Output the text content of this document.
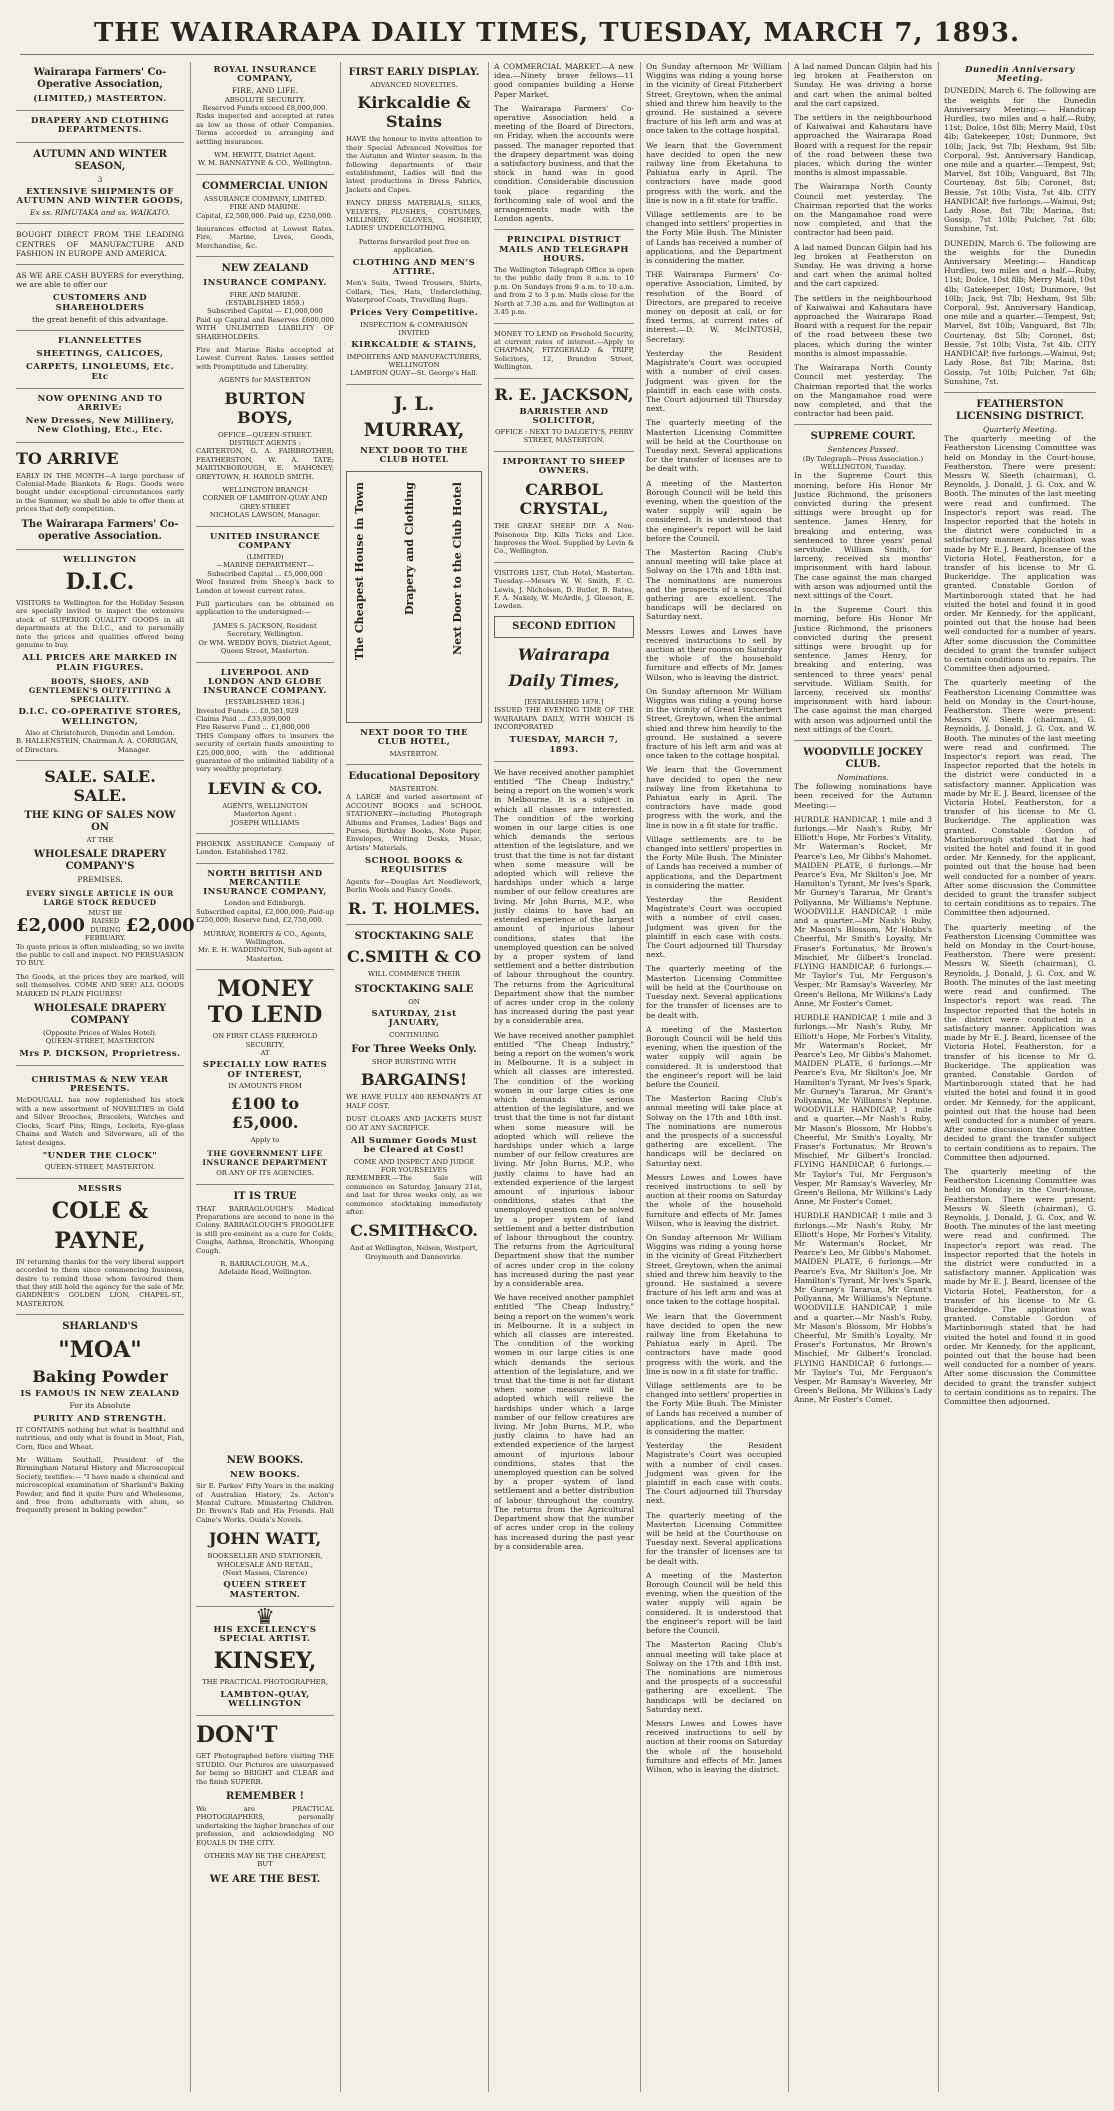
THE WAIRARAPA DAILY TIMES, TUESDAY, MARCH 7, 1893.
Wairarapa Farmers' Co-Operative Association,
(LIMITED,) MASTERTON.
DRAPERY AND CLOTHING DEPARTMENTS.
AUTUMN AND WINTER SEASON,
3
EXTENSIVE SHIPMENTS OF AUTUMN AND WINTER GOODS,
Ex ss. RIMUTAKA and ss. WAIKATO.

BOUGHT DIRECT FROM THE LEADING CENTRES OF MANUFACTURE AND FASHION IN EUROPE AND AMERICA.

AS WE ARE CASH BUYERS for everything, we are able to offer our

CUSTOMERS AND SHAREHOLDERS
the great benefit of this advantage.
FLANNELETTES
SHEETINGS, CALICOES,
CARPETS, LINOLEUMS, Etc. Etc
NOW OPENING AND TO ARRIVE:
New Dresses, New Millinery, New Clothing, Etc., Etc.
TO ARRIVE

EARLY IN THE MONTH—A large purchase of Colonial-Made Blankets & Rugs. Goods were bought under exceptional circumstances early in the Summer, we shall be able to offer them at prices that defy competition.

The Wairarapa Farmers' Co-operative Association.
WELLINGTON
D.I.C.

VISITORS to Wellington for the Holiday Season are specially invited to inspect the extensive stock of SUPERIOR QUALITY GOODS in all departments at the D.I.C., and to personally note the prices and qualities offered being genuine to buy.

ALL PRICES ARE MARKED IN PLAIN FIGURES.
BOOTS, SHOES, AND GENTLEMEN'S OUTFITTING A SPECIALITY.
D.I.C. CO-OPERATIVE STORES, WELLINGTON,
Also at Christchurch, Dunedin and London.
B. HALLENSTEIN, Chairman of Directors.
A. A. CORRIGAN, Manager.
SALE. SALE. SALE.
THE KING OF SALES NOW ON
AT THE
WHOLESALE DRAPERY COMPANY'S
PREMISES.
EVERY SINGLE ARTICLE IN OUR LARGE STOCK REDUCED
£2,000
MUST BE RAISED DURING FEBRUARY.
£2,000

To quote prices is often misleading, so we invite the public to call and inspect. NO PERSUASION TO BUY.

The Goods, at the prices they are marked, will sell themselves. COME AND SEE! ALL GOODS MARKED IN PLAIN FIGURES!

WHOLESALE DRAPERY COMPANY
(Opposite Prices of Wales Hotel).
QUEEN-STREET, MASTERTON
Mrs P. DICKSON, Proprietress.
CHRISTMAS & NEW YEAR PRESENTS.

McDOUGALL has now replenished his stock with a new assortment of NOVELTIES in Gold and Silver Brooches, Bracelets, Watches and Clocks, Scarf Pins, Rings, Lockets, Eye-glass Chains and Watch and Silverware, all of the latest designs.

"UNDER THE CLOCK"
QUEEN-STREET, MASTERTON.
MESSRS
COLE &
PAYNE,

IN returning thanks for the very liberal support accorded to them since commencing business, desire to remind those whom favoured them that they still hold the agency for the sale of Mr. GARDNER'S GOLDEN LION, CHAPEL-ST., MASTERTON.

SHARLAND'S
"MOA"
Baking Powder
IS FAMOUS IN NEW ZEALAND
For its Absolute
PURITY AND STRENGTH.

IT CONTAINS nothing but what is healthful and nutritious, and only what is found in Meat, Fish, Corn, Rice and Wheat.

Mr William Southall, President of the Birmingham Natural History and Microscopical Society, testifies:— "I have made a chemical and microscopical examination of Sharland's Baking Powder, and find it quite Pure and Wholesome, and free from adulterants with alum, so frequently present in baking powder."

ROYAL INSURANCE COMPANY,
FIRE, AND LIFE.
ABSOLUTE SECURITY.
Reserved Funds exceed £8,000,000.

Risks inspected and accepted at rates as low as those of other Companies. Terms accorded in arranging and settling insurances.

WM. HEWITT, District Agent.
W. M. BANNATYNE & CO., Wellington.
COMMERCIAL UNION
ASSURANCE COMPANY, LIMITED. FIRE AND MARINE.

Capital, £2,500,000. Paid up, £250,000.

Insurances effected at Lowest Rates. Fire, Marine, Lives, Goods, Merchandise, &c.

NEW ZEALAND
INSURANCE COMPANY.
FIRE AND MARINE.
(ESTABLISHED 1859.)
Subscribed Capital — £1,000,000

Paid up Capital and Reserves £600,000 WITH UNLIMITED LIABILITY OF SHAREHOLDERS.

Fire and Marine Risks accepted at Lowest Current Rates. Losses settled with Promptitude and Liberality.

AGENTS for MASTERTON
BURTON BOYS,
OFFICE—QUEEN-STREET.
DISTRICT AGENTS :

CARTERTON, G. A. FAIRBROTHER; FEATHERSTON, W. A. TATE; MARTINBOROUGH, E. MAHONEY; GREYTOWN, H. HAROLD SMITH.

WELLINGTON BRANCH
CORNER OF LAMBTON-QUAY AND GREY-STREET
NICHOLAS LAWSON, Manager.
UNITED INSURANCE COMPANY
(LIMITED)
—MARINE DEPARTMENT—
Subscribed Capital ... £5,000,000

Wool Insured from Sheep's back to London at lowest current rates.

Full particulars can be obtained on application to the undersigned:—

JAMES S. JACKSON, Resident Secretary, Wellington.
Or WM. WEDDY BOYS, District Agent, Queen Street, Masterton.
LIVERPOOL AND LONDON AND GLOBE INSURANCE COMPANY.
[ESTABLISHED 1836.]
Invested Funds ... £8,581,929
Claims Paid ... £33,939,000
Fire Reserve Fund ... £1,800,000

THIS Company offers to insurers the security of certain funds amounting to £25,000,000, with the additional guarantee of the unlimited liability of a very wealthy proprietary.

LEVIN & CO.
AGENTS, WELLINGTON
Masterton Agent :
JOSEPH WILLIAMS

PHOENIX ASSURANCE Company of London. Established 1782.

NORTH BRITISH AND MERCANTILE INSURANCE COMPANY,
London and Edinburgh.

Subscribed capital, £2,000,000; Paid-up £250,000; Reserve fund, £2,750,000.

MURRAY, ROBERTS & CO., Agents, Wellington.
Mr. E. H. WADDINGTON, Sub-agent at Masterton.
MONEY TO LEND
ON FIRST CLASS FREEHOLD SECURITY,
AT
SPECIALLY LOW RATES OF INTEREST,
IN AMOUNTS FROM
£100 to £5,000.
Apply to
THE GOVERNMENT LIFE INSURANCE DEPARTMENT
OR ANY OF ITS AGENCIES.
IT IS TRUE

THAT BARRAGLOUGH'S Medical Preparations are second to none in the Colony. BARRAGLOUGH'S FROGOLIFE is still pre-eminent as a cure for Colds, Coughs, Asthma, Bronchitis, Whooping Cough.

R. BARRACLOUGH, M.A.,
Adelaide Road, Wellington.
NEW BOOKS.
NEW BOOKS.

Sir E. Parkes' Fifty Years in the making of Australian History, 2s. Acton's Mental Culture. Ministering Children. Dr. Brown's Rab and His Friends. Hall Caine's Works. Ouida's Novels.

JOHN WATT,
BOOKSELLER AND STATIONER, WHOLESALE AND RETAIL,
(Next Masses, Clarence)
QUEEN STREET MASTERTON.
♛
HIS EXCELLENCY'S SPECIAL ARTIST.
KINSEY,
THE PRACTICAL PHOTOGRAPHER,
LAMBTON-QUAY, WELLINGTON
DON'T

GET Photographed before visiting THE STUDIO. Our Pictures are unsurpassed for being so BRIGHT and CLEAR and the finish SUPERB.

REMEMBER !

We are PRACTICAL PHOTOGRAPHERS, personally undertaking the higher branches of our profession, and acknowledging NO EQUALS IN THE CITY.

OTHERS MAY BE THE CHEAPEST, BUT
WE ARE THE BEST.
FIRST EARLY DISPLAY.
ADVANCED NOVELTIES.
Kirkcaldie & Stains

HAVE the honour to invite attention to their Special Advanced Novelties for the Autumn and Winter season. In the following departments of their establishment, Ladies will find the latest productions in Dress Fabrics, Jackets and Capes.

FANCY DRESS MATERIALS, SILKS, VELVETS, PLUSHES, COSTUMES, MILLINERY, GLOVES, HOSIERY, LADIES' UNDERCLOTHING.

Patterns forwarded post free on application.
CLOTHING AND MEN'S ATTIRE.

Men's Suits, Tweed Trousers, Shirts, Collars, Ties, Hats, Underclothing, Waterproof Coats, Travelling Rugs.

Prices Very Competitive.
INSPECTION & COMPARISON INVITED
KIRKCALDIE & STAINS,
IMPORTERS AND MANUFACTURERS, WELLINGTON
LAMBTON QUAY—St. George's Hall.
J. L. MURRAY,
NEXT DOOR TO THE CLUB HOTEL
The Cheapest House in Town	Drapery and Clothing	Next Door to the Club Hotel
NEXT DOOR TO THE CLUB HOTEL,
MASTERTON.
Educational Depository
MASTERTON.

A LARGE and varied assortment of ACCOUNT BOOKS and SCHOOL STATIONERY—including Photograph Albums and Frames, Ladies' Bags and Purses, Birthday Books, Note Paper, Envelopes, Writing Desks, Music, Artists' Materials.

SCHOOL BOOKS & REQUISITES

Agents for—Douglas Art Needlework, Berlin Wools and Fancy Goods.

R. T. HOLMES.
STOCKTAKING SALE
C.SMITH & CO
WILL COMMENCE THEIR
STOCKTAKING SALE
ON
SATURDAY, 21st JANUARY,
CONTINUING
For Three Weeks Only.
SHOP BURSTING WITH
BARGAINS!

WE HAVE FULLY 400 REMNANTS AT HALF COST.

DUST CLOAKS AND JACKETS MUST GO AT ANY SACRIFICE.

All Summer Goods Must be Cleared at Cost!
COME AND INSPECT AND JUDGE FOR YOURSELVES

REMEMBER.—The Sale will commence on Saturday, January 21st, and last for three weeks only, as we commence stocktaking immediately after.

C.SMITH&CO.
And at Wellington, Nelson, Westport, Greymouth and Dannevirke.

A COMMERCIAL MARKET.—A new idea.—Ninety brave fellows—11 good companies building a Horse Paper Market.

The Wairarapa Farmers' Co-operative Association held a meeting of the Board of Directors, on Friday, when the accounts were passed. The manager reported that the drapery department was doing a satisfactory business, and that the stock in hand was in good condition. Considerable discussion took place regarding the forthcoming sale of wool and the arrangements made with the London agents.

PRINCIPAL DISTRICT MAILS AND TELEGRAPH HOURS.

The Wellington Telegraph Office is open to the public daily from 8 a.m. to 10 p.m. On Sundays from 9 a.m. to 10 a.m. and from 2 to 3 p.m. Mails close for the North at 7.30 a.m. and for Wellington at 3.45 p.m.

MONEY TO LEND on Freehold Security, at current rates of interest.—Apply to CHAPMAN, FITZGERALD & TRIPP, Solicitors, 12, Brandon Street, Wellington.

R. E. JACKSON,
BARRISTER AND SOLICITOR,
OFFICE : NEXT TO DALGETY'S, PERRY STREET, MASTERTON.
IMPORTANT TO SHEEP OWNERS.
CARBOL CRYSTAL,

THE GREAT SHEEP DIP. A Non-Poisonous Dip. Kills Ticks and Lice. Improves the Wool. Supplied by Levin & Co., Wellington.

VISITORS LIST, Club Hotel, Masterton. Tuesday.—Messrs W. W. Smith, F. C. Lewis, J. Nicholson, D. Butler, B. Bates, F. A. Nakely, W. McArdle, J. Gleeson, E. Lowden.

SECOND EDITION
Wairarapa Daily Times,
[ESTABLISHED 1878.]

ISSUED THE EVENING TIME OF THE WAIRARAPA DAILY, WITH WHICH IS INCORPORATED

TUESDAY, MARCH 7, 1893.

We have received another pamphlet entitled "The Cheap Industry," being a report on the women's work in Melbourne. It is a subject in which all classes are interested. The condition of the working women in our large cities is one which demands the serious attention of the legislature, and we trust that the time is not far distant when some measure will be adopted which will relieve the hardships under which a large number of our fellow creatures are living. Mr John Burns, M.P., who justly claims to have had an extended experience of the largest amount of injurious labour conditions, states that the unemployed question can be solved by a proper system of land settlement and a better distribution of labour throughout the country. The returns from the Agricultural Department show that the number of acres under crop in the colony has increased during the past year by a considerable area.

We have received another pamphlet entitled "The Cheap Industry," being a report on the women's work in Melbourne. It is a subject in which all classes are interested. The condition of the working women in our large cities is one which demands the serious attention of the legislature, and we trust that the time is not far distant when some measure will be adopted which will relieve the hardships under which a large number of our fellow creatures are living. Mr John Burns, M.P., who justly claims to have had an extended experience of the largest amount of injurious labour conditions, states that the unemployed question can be solved by a proper system of land settlement and a better distribution of labour throughout the country. The returns from the Agricultural Department show that the number of acres under crop in the colony has increased during the past year by a considerable area.

We have received another pamphlet entitled "The Cheap Industry," being a report on the women's work in Melbourne. It is a subject in which all classes are interested. The condition of the working women in our large cities is one which demands the serious attention of the legislature, and we trust that the time is not far distant when some measure will be adopted which will relieve the hardships under which a large number of our fellow creatures are living. Mr John Burns, M.P., who justly claims to have had an extended experience of the largest amount of injurious labour conditions, states that the unemployed question can be solved by a proper system of land settlement and a better distribution of labour throughout the country. The returns from the Agricultural Department show that the number of acres under crop in the colony has increased during the past year by a considerable area.

On Sunday afternoon Mr William Wiggins was riding a young horse in the vicinity of Great Fitzherbert Street, Greytown, when the animal shied and threw him heavily to the ground. He sustained a severe fracture of his left arm and was at once taken to the cottage hospital.

We learn that the Government have decided to open the new railway line from Eketahuna to Pahiatua early in April. The contractors have made good progress with the work, and the line is now in a fit state for traffic.

Village settlements are to be changed into settlers' properties in the Forty Mile Bush. The Minister of Lands has received a number of applications, and the Department is considering the matter.

THE Wairarapa Farmers' Co-operative Association, Limited, by resolution of the Board of Directors, are prepared to receive money on deposit at call, or for fixed terms, at current rates of interest.—D. W. McINTOSH, Secretary.

Yesterday the Resident Magistrate's Court was occupied with a number of civil cases. Judgment was given for the plaintiff in each case with costs. The Court adjourned till Thursday next.

The quarterly meeting of the Masterton Licensing Committee will be held at the Courthouse on Tuesday next. Several applications for the transfer of licenses are to be dealt with.

A meeting of the Masterton Borough Council will be held this evening, when the question of the water supply will again be considered. It is understood that the engineer's report will be laid before the Council.

The Masterton Racing Club's annual meeting will take place at Solway on the 17th and 18th inst. The nominations are numerous and the prospects of a successful gathering are excellent. The handicaps will be declared on Saturday next.

Messrs Lowes and Lowes have received instructions to sell by auction at their rooms on Saturday the whole of the household furniture and effects of Mr. James Wilson, who is leaving the district.

On Sunday afternoon Mr William Wiggins was riding a young horse in the vicinity of Great Fitzherbert Street, Greytown, when the animal shied and threw him heavily to the ground. He sustained a severe fracture of his left arm and was at once taken to the cottage hospital.

We learn that the Government have decided to open the new railway line from Eketahuna to Pahiatua early in April. The contractors have made good progress with the work, and the line is now in a fit state for traffic.

Village settlements are to be changed into settlers' properties in the Forty Mile Bush. The Minister of Lands has received a number of applications, and the Department is considering the matter.

Yesterday the Resident Magistrate's Court was occupied with a number of civil cases. Judgment was given for the plaintiff in each case with costs. The Court adjourned till Thursday next.

The quarterly meeting of the Masterton Licensing Committee will be held at the Courthouse on Tuesday next. Several applications for the transfer of licenses are to be dealt with.

A meeting of the Masterton Borough Council will be held this evening, when the question of the water supply will again be considered. It is understood that the engineer's report will be laid before the Council.

The Masterton Racing Club's annual meeting will take place at Solway on the 17th and 18th inst. The nominations are numerous and the prospects of a successful gathering are excellent. The handicaps will be declared on Saturday next.

Messrs Lowes and Lowes have received instructions to sell by auction at their rooms on Saturday the whole of the household furniture and effects of Mr. James Wilson, who is leaving the district.

On Sunday afternoon Mr William Wiggins was riding a young horse in the vicinity of Great Fitzherbert Street, Greytown, when the animal shied and threw him heavily to the ground. He sustained a severe fracture of his left arm and was at once taken to the cottage hospital.

We learn that the Government have decided to open the new railway line from Eketahuna to Pahiatua early in April. The contractors have made good progress with the work, and the line is now in a fit state for traffic.

Village settlements are to be changed into settlers' properties in the Forty Mile Bush. The Minister of Lands has received a number of applications, and the Department is considering the matter.

Yesterday the Resident Magistrate's Court was occupied with a number of civil cases. Judgment was given for the plaintiff in each case with costs. The Court adjourned till Thursday next.

The quarterly meeting of the Masterton Licensing Committee will be held at the Courthouse on Tuesday next. Several applications for the transfer of licenses are to be dealt with.

A meeting of the Masterton Borough Council will be held this evening, when the question of the water supply will again be considered. It is understood that the engineer's report will be laid before the Council.

The Masterton Racing Club's annual meeting will take place at Solway on the 17th and 18th inst. The nominations are numerous and the prospects of a successful gathering are excellent. The handicaps will be declared on Saturday next.

Messrs Lowes and Lowes have received instructions to sell by auction at their rooms on Saturday the whole of the household furniture and effects of Mr. James Wilson, who is leaving the district.

A lad named Duncan Gilpin had his leg broken at Featherston on Sunday. He was driving a horse and cart when the animal bolted and the cart capsized.

The settlers in the neighbourhood of Kaiwaiwai and Kahautara have approached the Wairarapa Road Board with a request for the repair of the road between these two places, which during the winter months is almost impassable.

The Wairarapa North County Council met yesterday. The Chairman reported that the works on the Mangamahoe road were now completed, and that the contractor had been paid.

A lad named Duncan Gilpin had his leg broken at Featherston on Sunday. He was driving a horse and cart when the animal bolted and the cart capsized.

The settlers in the neighbourhood of Kaiwaiwai and Kahautara have approached the Wairarapa Road Board with a request for the repair of the road between these two places, which during the winter months is almost impassable.

The Wairarapa North County Council met yesterday. The Chairman reported that the works on the Mangamahoe road were now completed, and that the contractor had been paid.

SUPREME COURT.
Sentences Passed.
(By Telegraph—Press Association.)
WELLINGTON, Tuesday.

In the Supreme Court this morning, before His Honor Mr Justice Richmond, the prisoners convicted during the present sittings were brought up for sentence. James Henry, for breaking and entering, was sentenced to three years' penal servitude. William Smith, for larceny, received six months' imprisonment with hard labour. The case against the man charged with arson was adjourned until the next sittings of the Court.

In the Supreme Court this morning, before His Honor Mr Justice Richmond, the prisoners convicted during the present sittings were brought up for sentence. James Henry, for breaking and entering, was sentenced to three years' penal servitude. William Smith, for larceny, received six months' imprisonment with hard labour. The case against the man charged with arson was adjourned until the next sittings of the Court.

WOODVILLE JOCKEY CLUB.
Nominations.

The following nominations have been received for the Autumn Meeting:—

HURDLE HANDICAP, 1 mile and 3 furlongs.—Mr Nash's Ruby, Mr Elliott's Hope, Mr Forbes's Vitality, Mr Waterman's Rocket, Mr Pearce's Leo, Mr Gibbs's Mahomet. MAIDEN PLATE, 6 furlongs.—Mr Pearce's Eva, Mr Skilton's Joe, Mr Hamilton's Tyrant, Mr Ives's Spark, Mr Gurney's Tararua, Mr Grant's Pollyanna, Mr Williams's Neptune. WOODVILLE HANDICAP, 1 mile and a quarter.—Mr Nash's Ruby, Mr Mason's Blossom, Mr Hobbs's Cheerful, Mr Smith's Loyalty, Mr Fraser's Fortunatus, Mr Brown's Mischief, Mr Gilbert's Ironclad. FLYING HANDICAP, 6 furlongs.—Mr Taylor's Tui, Mr Ferguson's Vesper, Mr Ramsay's Waverley, Mr Green's Bellona, Mr Wilkins's Lady Anne, Mr Foster's Comet.

HURDLE HANDICAP, 1 mile and 3 furlongs.—Mr Nash's Ruby, Mr Elliott's Hope, Mr Forbes's Vitality, Mr Waterman's Rocket, Mr Pearce's Leo, Mr Gibbs's Mahomet. MAIDEN PLATE, 6 furlongs.—Mr Pearce's Eva, Mr Skilton's Joe, Mr Hamilton's Tyrant, Mr Ives's Spark, Mr Gurney's Tararua, Mr Grant's Pollyanna, Mr Williams's Neptune. WOODVILLE HANDICAP, 1 mile and a quarter.—Mr Nash's Ruby, Mr Mason's Blossom, Mr Hobbs's Cheerful, Mr Smith's Loyalty, Mr Fraser's Fortunatus, Mr Brown's Mischief, Mr Gilbert's Ironclad. FLYING HANDICAP, 6 furlongs.—Mr Taylor's Tui, Mr Ferguson's Vesper, Mr Ramsay's Waverley, Mr Green's Bellona, Mr Wilkins's Lady Anne, Mr Foster's Comet.

HURDLE HANDICAP, 1 mile and 3 furlongs.—Mr Nash's Ruby, Mr Elliott's Hope, Mr Forbes's Vitality, Mr Waterman's Rocket, Mr Pearce's Leo, Mr Gibbs's Mahomet. MAIDEN PLATE, 6 furlongs.—Mr Pearce's Eva, Mr Skilton's Joe, Mr Hamilton's Tyrant, Mr Ives's Spark, Mr Gurney's Tararua, Mr Grant's Pollyanna, Mr Williams's Neptune. WOODVILLE HANDICAP, 1 mile and a quarter.—Mr Nash's Ruby, Mr Mason's Blossom, Mr Hobbs's Cheerful, Mr Smith's Loyalty, Mr Fraser's Fortunatus, Mr Brown's Mischief, Mr Gilbert's Ironclad. FLYING HANDICAP, 6 furlongs.—Mr Taylor's Tui, Mr Ferguson's Vesper, Mr Ramsay's Waverley, Mr Green's Bellona, Mr Wilkins's Lady Anne, Mr Foster's Comet.

Dunedin Anniversary Meeting.

DUNEDIN, March 6. The following are the weights for the Dunedin Anniversary Meeting:— Handicap Hurdles, two miles and a half.—Ruby, 11st; Dolce, 10st 8lb; Merry Maid, 10st 4lb; Gatekeeper, 10st; Dunmore, 9st 10lb; Jack, 9st 7lb; Hexham, 9st 5lb; Corporal, 9st. Anniversary Handicap, one mile and a quarter.—Tempest, 9st; Marvel, 8st 10lb; Vanguard, 8st 7lb; Courtenay, 8st 5lb; Coronet, 8st; Bessie, 7st 10lb; Vista, 7st 4lb. CITY HANDICAP, five furlongs.—Wainui, 9st; Lady Rose, 8st 7lb; Marina, 8st; Gossip, 7st 10lb; Pulcher, 7st 6lb; Sunshine, 7st.

DUNEDIN, March 6. The following are the weights for the Dunedin Anniversary Meeting:— Handicap Hurdles, two miles and a half.—Ruby, 11st; Dolce, 10st 8lb; Merry Maid, 10st 4lb; Gatekeeper, 10st; Dunmore, 9st 10lb; Jack, 9st 7lb; Hexham, 9st 5lb; Corporal, 9st. Anniversary Handicap, one mile and a quarter.—Tempest, 9st; Marvel, 8st 10lb; Vanguard, 8st 7lb; Courtenay, 8st 5lb; Coronet, 8st; Bessie, 7st 10lb; Vista, 7st 4lb. CITY HANDICAP, five furlongs.—Wainui, 9st; Lady Rose, 8st 7lb; Marina, 8st; Gossip, 7st 10lb; Pulcher, 7st 6lb; Sunshine, 7st.

FEATHERSTON LICENSING DISTRICT.
Quarterly Meeting.

The quarterly meeting of the Featherston Licensing Committee was held on Monday in the Court-house, Featherston. There were present: Messrs W. Sleeth (chairman), G. Reynolds, J. Donald, J. G. Cox, and W. Booth. The minutes of the last meeting were read and confirmed. The Inspector's report was read. The Inspector reported that the hotels in the district were conducted in a satisfactory manner. Application was made by Mr E. J. Beard, licensee of the Victoria Hotel, Featherston, for a transfer of his license to Mr G. Buckeridge. The application was granted. Constable Gordon of Martinborough stated that he had visited the hotel and found it in good order. Mr Kennedy, for the applicant, pointed out that the house had been well conducted for a number of years. After some discussion the Committee decided to grant the transfer subject to certain conditions as to repairs. The Committee then adjourned.

The quarterly meeting of the Featherston Licensing Committee was held on Monday in the Court-house, Featherston. There were present: Messrs W. Sleeth (chairman), G. Reynolds, J. Donald, J. G. Cox, and W. Booth. The minutes of the last meeting were read and confirmed. The Inspector's report was read. The Inspector reported that the hotels in the district were conducted in a satisfactory manner. Application was made by Mr E. J. Beard, licensee of the Victoria Hotel, Featherston, for a transfer of his license to Mr G. Buckeridge. The application was granted. Constable Gordon of Martinborough stated that he had visited the hotel and found it in good order. Mr Kennedy, for the applicant, pointed out that the house had been well conducted for a number of years. After some discussion the Committee decided to grant the transfer subject to certain conditions as to repairs. The Committee then adjourned.

The quarterly meeting of the Featherston Licensing Committee was held on Monday in the Court-house, Featherston. There were present: Messrs W. Sleeth (chairman), G. Reynolds, J. Donald, J. G. Cox, and W. Booth. The minutes of the last meeting were read and confirmed. The Inspector's report was read. The Inspector reported that the hotels in the district were conducted in a satisfactory manner. Application was made by Mr E. J. Beard, licensee of the Victoria Hotel, Featherston, for a transfer of his license to Mr G. Buckeridge. The application was granted. Constable Gordon of Martinborough stated that he had visited the hotel and found it in good order. Mr Kennedy, for the applicant, pointed out that the house had been well conducted for a number of years. After some discussion the Committee decided to grant the transfer subject to certain conditions as to repairs. The Committee then adjourned.

The quarterly meeting of the Featherston Licensing Committee was held on Monday in the Court-house, Featherston. There were present: Messrs W. Sleeth (chairman), G. Reynolds, J. Donald, J. G. Cox, and W. Booth. The minutes of the last meeting were read and confirmed. The Inspector's report was read. The Inspector reported that the hotels in the district were conducted in a satisfactory manner. Application was made by Mr E. J. Beard, licensee of the Victoria Hotel, Featherston, for a transfer of his license to Mr G. Buckeridge. The application was granted. Constable Gordon of Martinborough stated that he had visited the hotel and found it in good order. Mr Kennedy, for the applicant, pointed out that the house had been well conducted for a number of years. After some discussion the Committee decided to grant the transfer subject to certain conditions as to repairs. The Committee then adjourned.
